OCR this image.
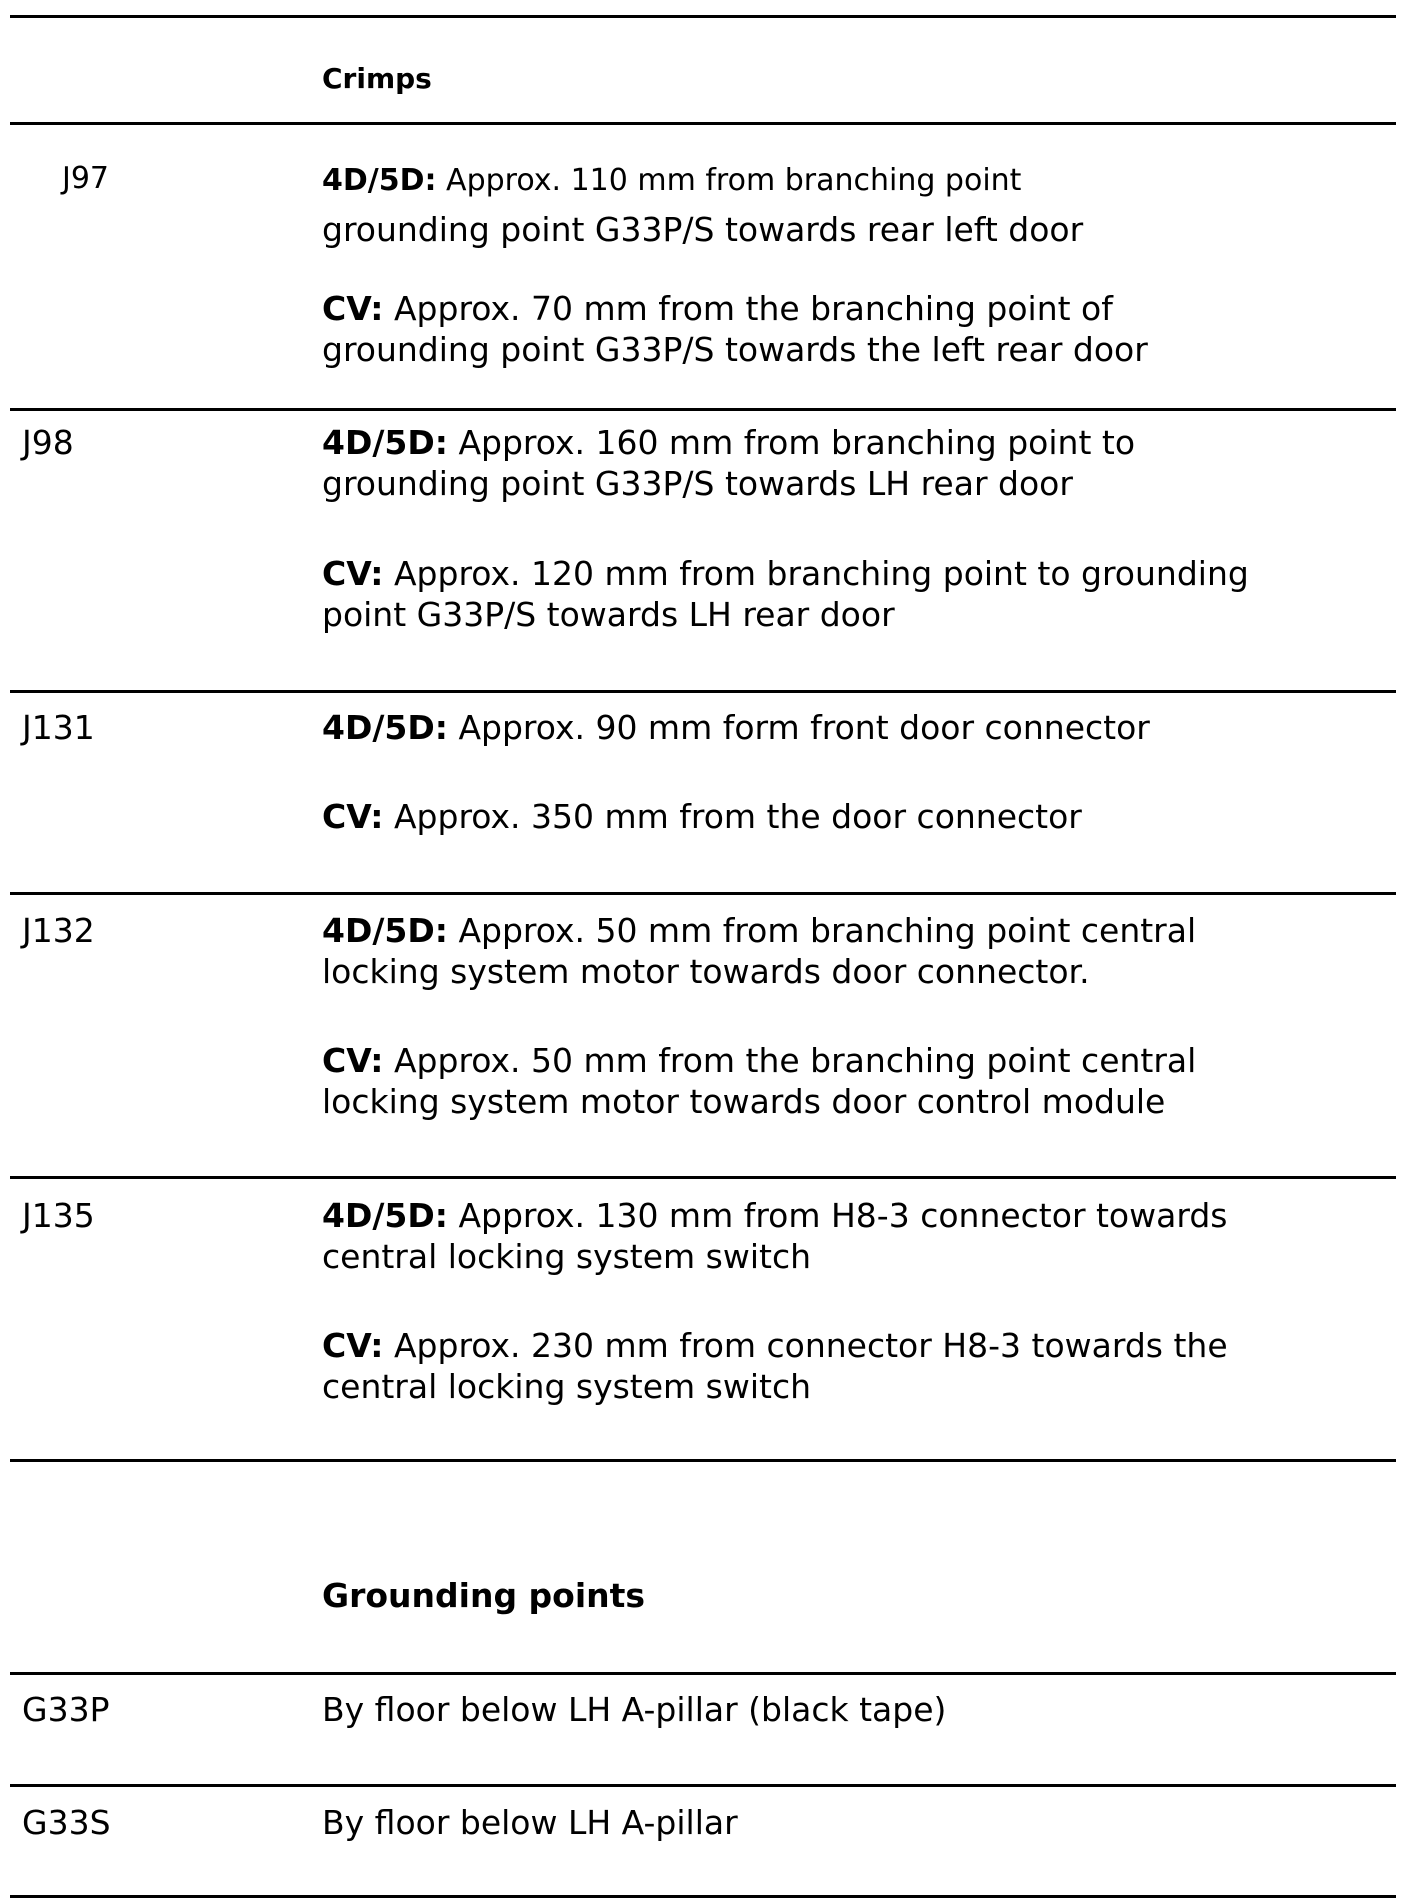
Crimps
J97	4D/5D: Approx. 110 mm from branching point
grounding point G33P/S towards rear left door
CV: Approx. 70 mm from the branching point of
grounding point G33P/S towards the left rear door
J98	4D/5D: Approx. 160 mm from branching point to
grounding point G33P/S towards LH rear door
CV: Approx. 120 mm from branching point to grounding
point G33P/S towards LH rear door
J131	4D/5D: Approx. 90 mm form front door connector
CV: Approx. 350 mm from the door connector
J132	4D/5D: Approx. 50 mm from branching point central
locking system motor towards door connector.
CV: Approx. 50 mm from the branching point central
locking system motor towards door control module
J135	4D/5D: Approx. 130 mm from H8-3 connector towards
central locking system switch
CV: Approx. 230 mm from connector H8-3 towards the
central locking system switch
Grounding points
G33P	By floor below LH A-pillar (black tape)
G33S	By floor below LH A-pillar
